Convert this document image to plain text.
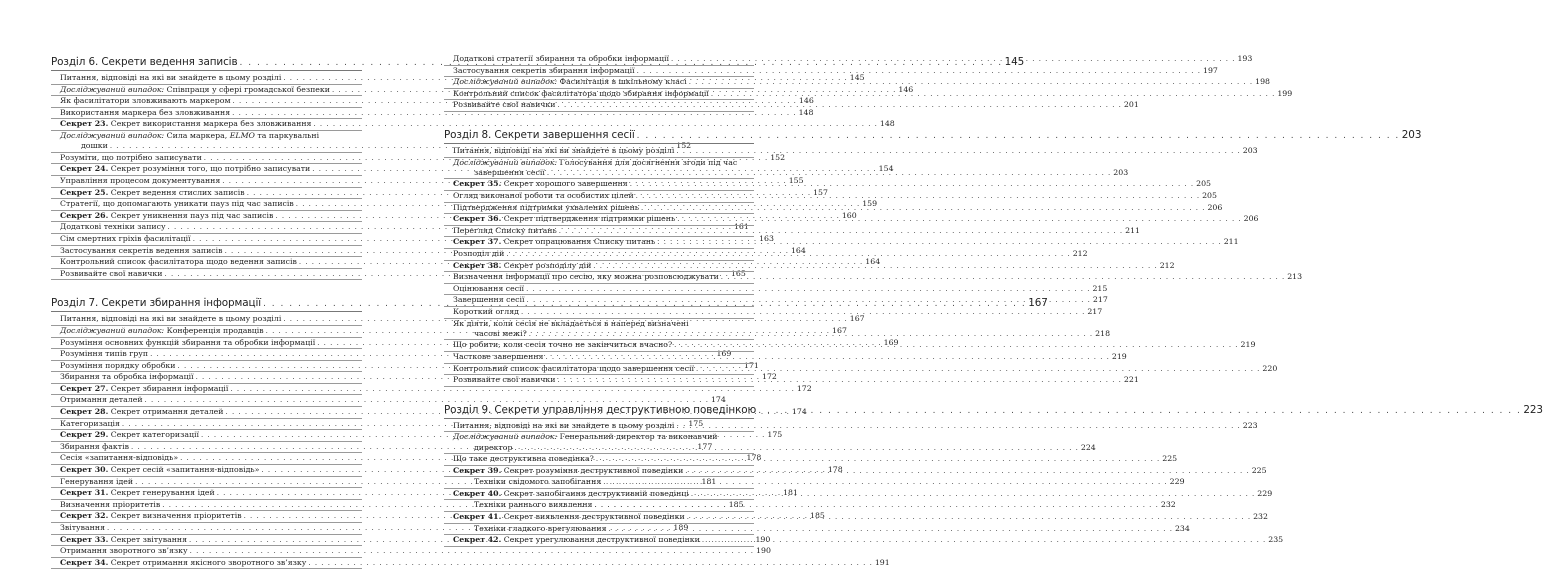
Розділ 6. Секрети ведення записів . . .	145
Питання, відповіді на які ви знайдете в цьому розділі . . .	145
Досліджуваний випадок: Співпраця у сфері громадської безпеки . . .	146
Як фасилітатори зловживають маркером . . .	146
Використання маркера без зловживання . . .	148
Секрет 23. Секрет використання маркера без зловживання . . .	148
Досліджуваний випадок: Сила маркера, ELMO та паркувальні
дошки . . .	152
Розуміти, що потрібно записувати . . .	152
Секрет 24. Секрет розуміння того, що потрібно записувати . . .	154
Управління процесом документування . . .	155
Секрет 25. Секрет ведення стислих записів . . .	157
Стратегії, що допомагають уникати пауз під час записів . . .	159
Секрет 26. Секрет уникнення пауз під час записів . . .	160
Додаткові техніки запису . . .	161
Сім смертних гріхів фасилітації . . .	163
Застосування секретів ведення записів . . .	164
Контрольний список фасилітатора щодо ведення записів . . .	164
Розвивайте свої навички . . .	165
Розділ 7. Секрети збирання інформації . . .	167
Питання, відповіді на які ви знайдете в цьому розділі . . .	167
Досліджуваний випадок: Конференція продавців . . .	167
Розуміння основних функцій збирання та обробки інформації . . .	169
Розуміння типів груп . . .	169
Розуміння порядку обробки . . .	171
Збирання та обробка інформації . . .	172
Секрет 27. Секрет збирання інформації . . .	172
Отримання деталей . . .	174
Секрет 28. Секрет отримання деталей . . .	174
Категоризація . . .	175
Секрет 29. Секрет категоризації . . .	175
Збирання фактів . . .	177
Сесія «запитання-відповідь» . . .	178
Секрет 30. Секрет сесій «запитання-відповідь» . . .	178
Генерування ідей . . .	181
Секрет 31. Секрет генерування ідей . . .	181
Визначення пріоритетів . . .	185
Секрет 32. Секрет визначення пріоритетів . . .	185
Звітування . . .	189
Секрет 33. Секрет звітування . . .	190
Отримання зворотного зв’язку . . .	190
Секрет 34. Секрет отримання якісного зворотного зв’язку . . .	191
Додаткові стратегії збирання та обробки інформації . . .	193
Застосування секретів збирання інформації . . .	197
Досліджуваний випадок: Фасилітація в шкільному класі . . .	198
Контрольний список фасилітатора щодо збирання інформації . . .	199
Розвивайте свої навички . . .	201
Розділ 8. Секрети завершення сесії . . .	203
Питання, відповіді на які ви знайдете в цьому розділі . . .	203
Досліджуваний випадок: Голосування для досягнення згоди під час
завершення сесії . . .	203
Секрет 35. Секрет хорошого завершення . . .	205
Огляд виконаної роботи та особистих цілей . . .	205
Підтвердження підтримки ухвалених рішень . . .	206
Секрет 36. Секрет підтвердження підтримки рішень . . .	206
Перегляд Списку питань . . .	211
Секрет 37. Секрет опрацювання Списку питань . . .	211
Розподіл дій . . .	212
Секрет 38. Секрет розподілу дій . . .	212
Визначення інформації про сесію, яку можна розповсюджувати . . .	213
Оцінювання сесії . . .	215
Завершення сесії . . .	217
Короткий огляд . . .	217
Як діяти, коли сесія не вкладається в наперед визначені
часові межі? . . .	218
Що робити, коли сесія точно не закінчиться вчасно? . . .	219
Часткове завершення . . .	219
Контрольний список фасилітатора щодо завершення сесії . . .	220
Розвивайте свої навички . . .	221
Розділ 9. Секрети управління деструктивною поведінкою . . .	223
Питання, відповіді на які ви знайдете в цьому розділі . . .	223
Досліджуваний випадок: Генеральний директор та виконавчий
директор . . .	224
Що таке деструктивна поведінка? . . .	225
Секрет 39. Секрет розуміння деструктивної поведінки . . .	225
Техніки свідомого запобігання . . .	229
Секрет 40. Секрет запобігання деструктивній поведінці . . .	229
Техніки раннього виявлення . . .	232
Секрет 41. Секрет виявлення деструктивної поведінки . . .	232
Техніки гладкого врегулювання . . .	234
Секрет 42. Секрет урегулювання деструктивної поведінки . . .	235
